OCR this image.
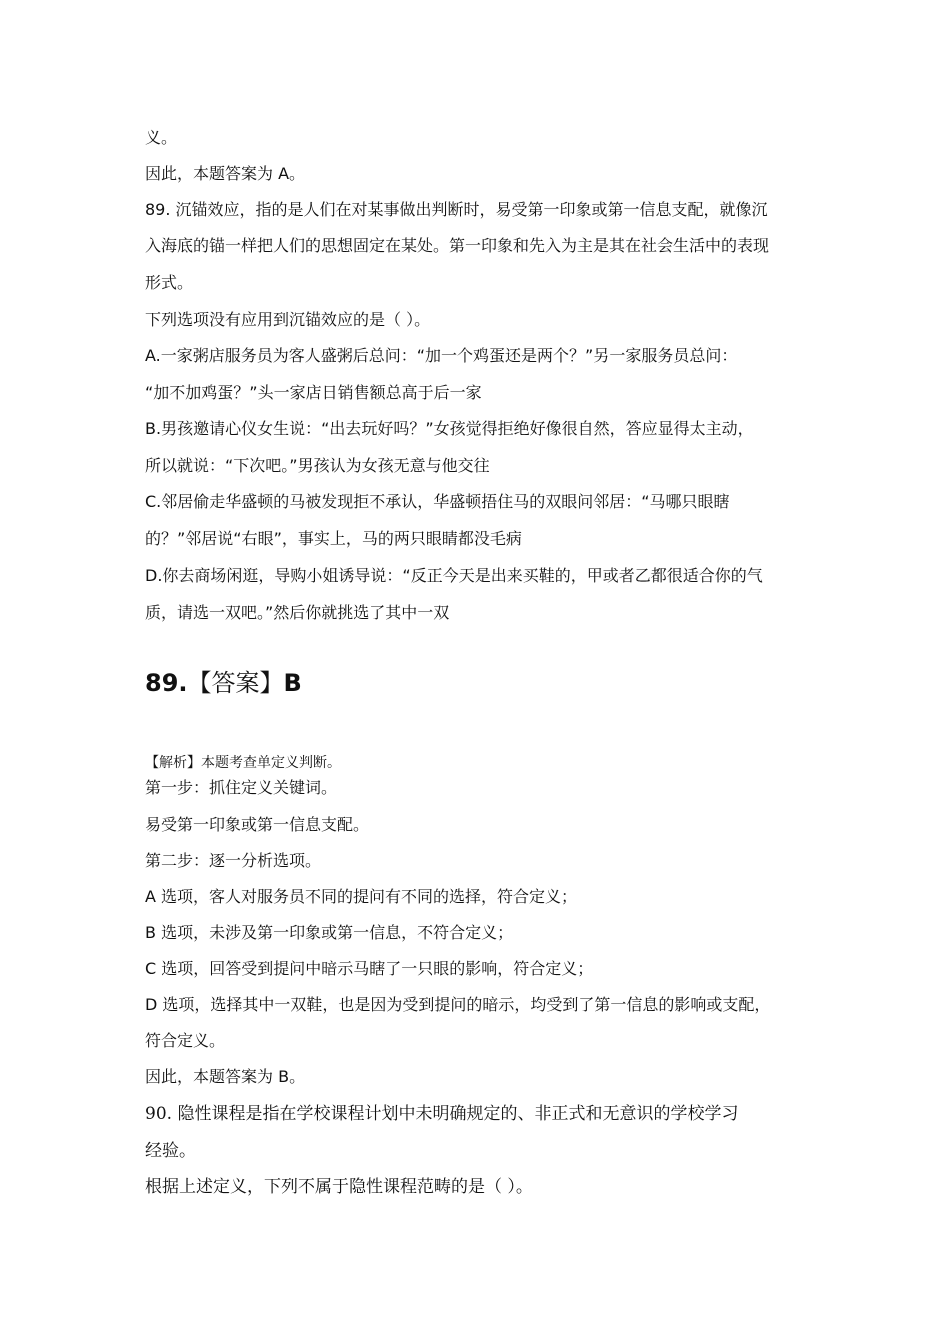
义。
因此，本题答案为 A。
89. 沉锚效应，指的是人们在对某事做出判断时，易受第一印象或第一信息支配，就像沉
入海底的锚一样把人们的思想固定在某处。第一印象和先入为主是其在社会生活中的表现
形式。
下列选项没有应用到沉锚效应的是（ ）。
A.一家粥店服务员为客人盛粥后总问：“加一个鸡蛋还是两个？”另一家服务员总问：
“加不加鸡蛋？”头一家店日销售额总高于后一家
B.男孩邀请心仪女生说：“出去玩好吗？”女孩觉得拒绝好像很自然，答应显得太主动，
所以就说：“下次吧。”男孩认为女孩无意与他交往
C.邻居偷走华盛顿的马被发现拒不承认，华盛顿捂住马的双眼问邻居：“马哪只眼瞎
的？”邻居说“右眼”，事实上，马的两只眼睛都没毛病
D.你去商场闲逛，导购小姐诱导说：“反正今天是出来买鞋的，甲或者乙都很适合你的气
质，请选一双吧。”然后你就挑选了其中一双
89.【答案】B
【解析】本题考查单定义判断。
第一步：抓住定义关键词。
易受第一印象或第一信息支配。
第二步：逐一分析选项。
A 选项，客人对服务员不同的提问有不同的选择，符合定义；
B 选项，未涉及第一印象或第一信息，不符合定义；
C 选项，回答受到提问中暗示马瞎了一只眼的影响，符合定义；
D 选项，选择其中一双鞋，也是因为受到提问的暗示，均受到了第一信息的影响或支配，
符合定义。
因此，本题答案为 B。
90. 隐性课程是指在学校课程计划中未明确规定的、非正式和无意识的学校学习
经验。
根据上述定义，下列不属于隐性课程范畴的是（ ）。
